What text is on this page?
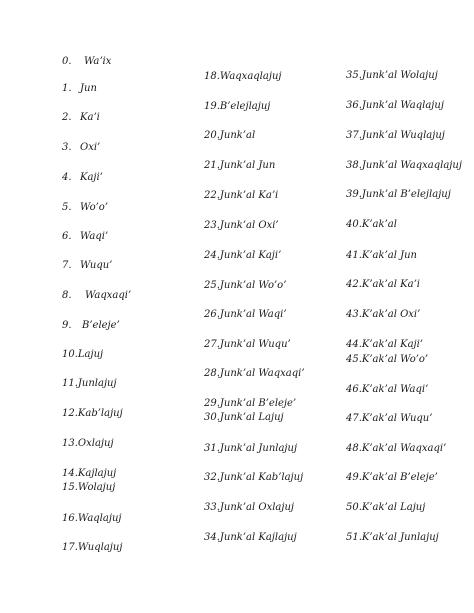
0. Waʼix
1. Jun
2. Kaʼi
3. Oxi’
4. Kaji’
5. Wo’o’
6. Waqi’
7. Wuqu’
8. Waqxaqi’
9. B’eleje’
10.Lajuj
11.Junlajuj
12.Kab’lajuj
13.Oxlajuj
14.Kajlajuj
15.Wolajuj
16.Waqlajuj
17.Wuqlajuj
18.Waqxaqlajuj
19.B’elejlajuj
20.Junk’al
21.Junk’al Jun
22.Junk’al Kaʼi
23.Junk’al Oxi’
24.Junk’al Kaji’
25.Junk’al Wo’o’
26.Junk’al Waqi’
27.Junk’al Wuqu’
28.Junk’al Waqxaqi’
29.Junk’al B’eleje’
30.Junk’al Lajuj
31.Junk’al Junlajuj
32.Junk’al Kab’lajuj
33.Junk’al Oxlajuj
34.Junk’al Kajlajuj
35.Junk’al Wolajuj
36.Junk’al Waqlajuj
37.Junk’al Wuqlajuj
38.Junk’al Waqxaqlajuj
39.Junk’al B’elejlajuj
40.K’ak’al
41.K’ak’al Jun
42.K’ak’al Kaʼi
43.K’ak’al Oxi’
44.K’ak’al Kaji’
45.K’ak’al Wo’o’
46.K’ak’al Waqi’
47.K’ak’al Wuqu’
48.K’ak’al Waqxaqi’
49.K’ak’al B’eleje’
50.K’ak’al Lajuj
51.K’ak’al Junlajuj
